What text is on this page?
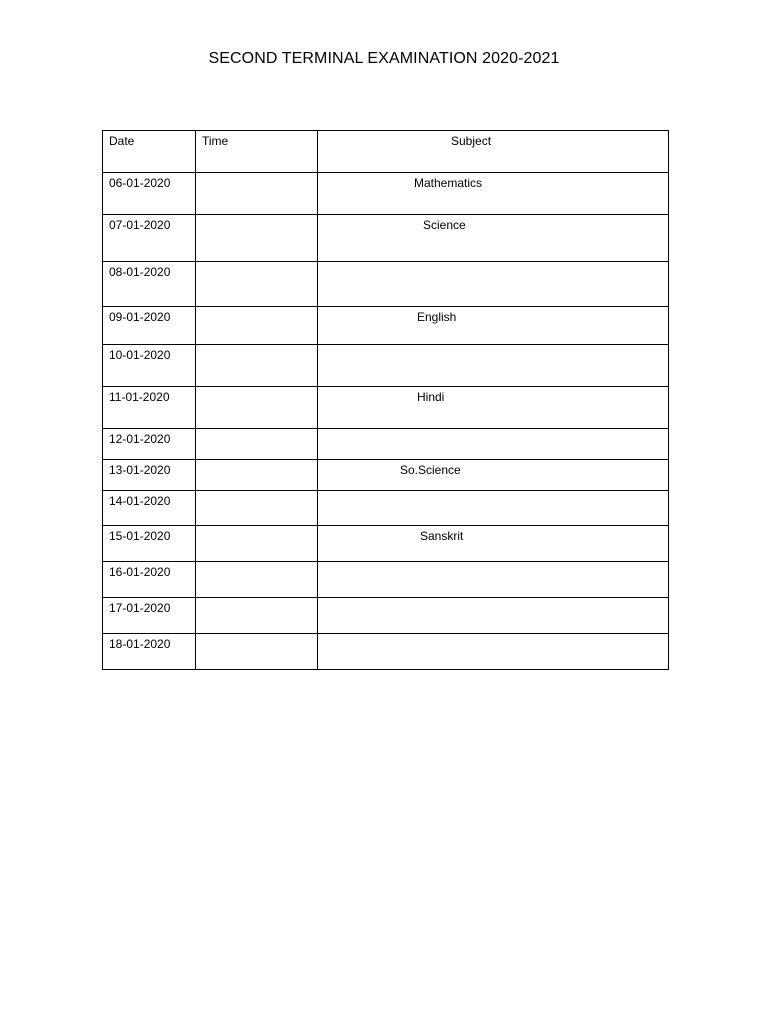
SECOND TERMINAL EXAMINATION 2020-2021
Date	Time	Subject
06-01-2020		Mathematics
07-01-2020		Science
08-01-2020		
09-01-2020		English
10-01-2020		
11-01-2020		Hindi
12-01-2020		
13-01-2020		So.Science
14-01-2020		
15-01-2020		Sanskrit
16-01-2020		
17-01-2020		
18-01-2020		
